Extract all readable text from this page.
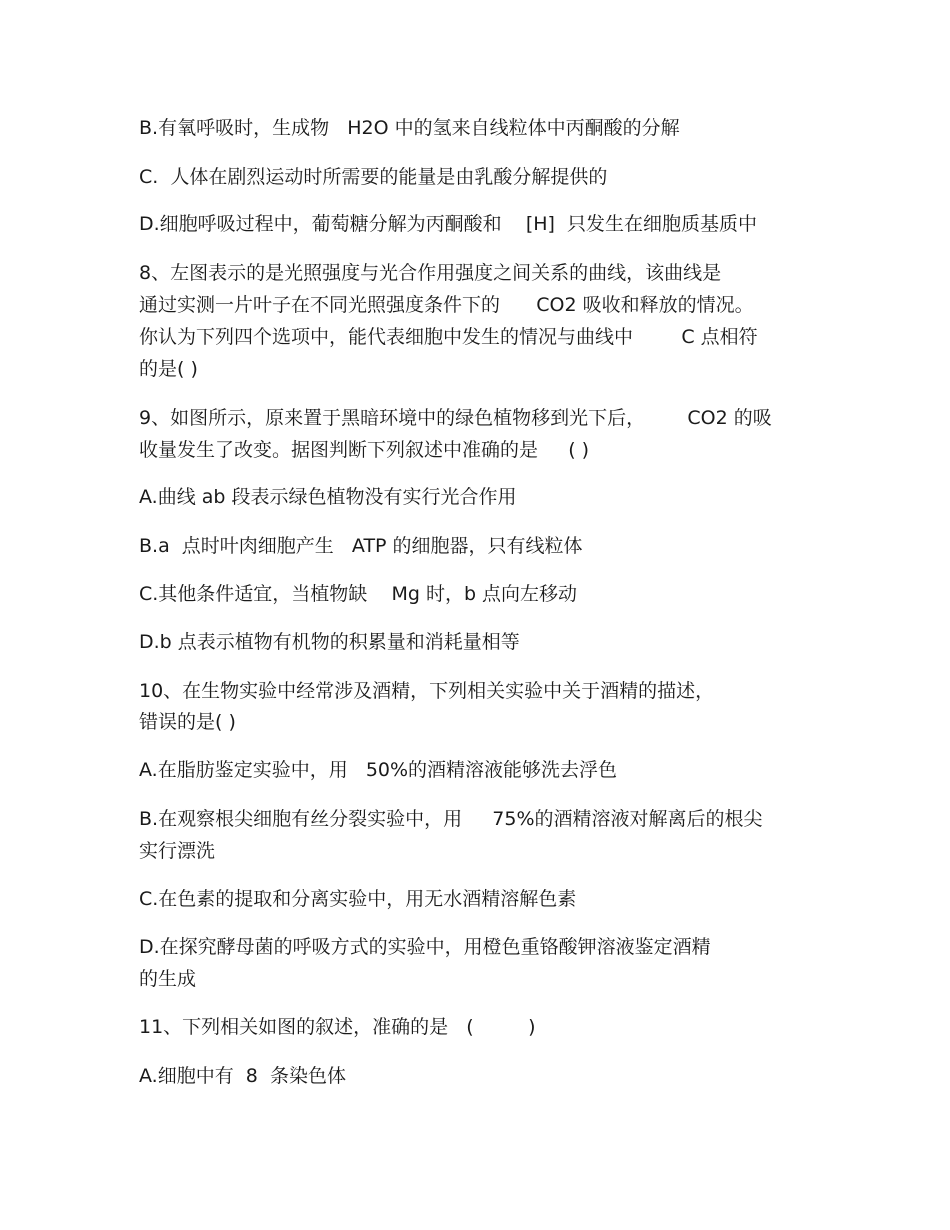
B.有氧呼吸时，生成物   H2O 中的氢来自线粒体中丙酮酸的分解
C.  人体在剧烈运动时所需要的能量是由乳酸分解提供的
D.细胞呼吸过程中，葡萄糖分解为丙酮酸和    [H]  只发生在细胞质基质中
8、左图表示的是光照强度与光合作用强度之间关系的曲线，该曲线是
通过实测一片叶子在不同光照强度条件下的      CO2 吸收和释放的情况。
你认为下列四个选项中，能代表细胞中发生的情况与曲线中        C 点相符
的是( )
9、如图所示，原来置于黑暗环境中的绿色植物移到光下后，       CO2 的吸
收量发生了改变。据图判断下列叙述中准确的是     ( )
A.曲线 ab 段表示绿色植物没有实行光合作用
B.a  点时叶肉细胞产生   ATP 的细胞器，只有线粒体
C.其他条件适宜，当植物缺    Mg 时，b 点向左移动
D.b 点表示植物有机物的积累量和消耗量相等
10、在生物实验中经常涉及酒精，下列相关实验中关于酒精的描述，
错误的是( )
A.在脂肪鉴定实验中，用   50%的酒精溶液能够洗去浮色
B.在观察根尖细胞有丝分裂实验中，用     75%的酒精溶液对解离后的根尖
实行漂洗
C.在色素的提取和分离实验中，用无水酒精溶解色素
D.在探究酵母菌的呼吸方式的实验中，用橙色重铬酸钾溶液鉴定酒精
的生成
11、下列相关如图的叙述，准确的是   (         )
A.细胞中有  8  条染色体
